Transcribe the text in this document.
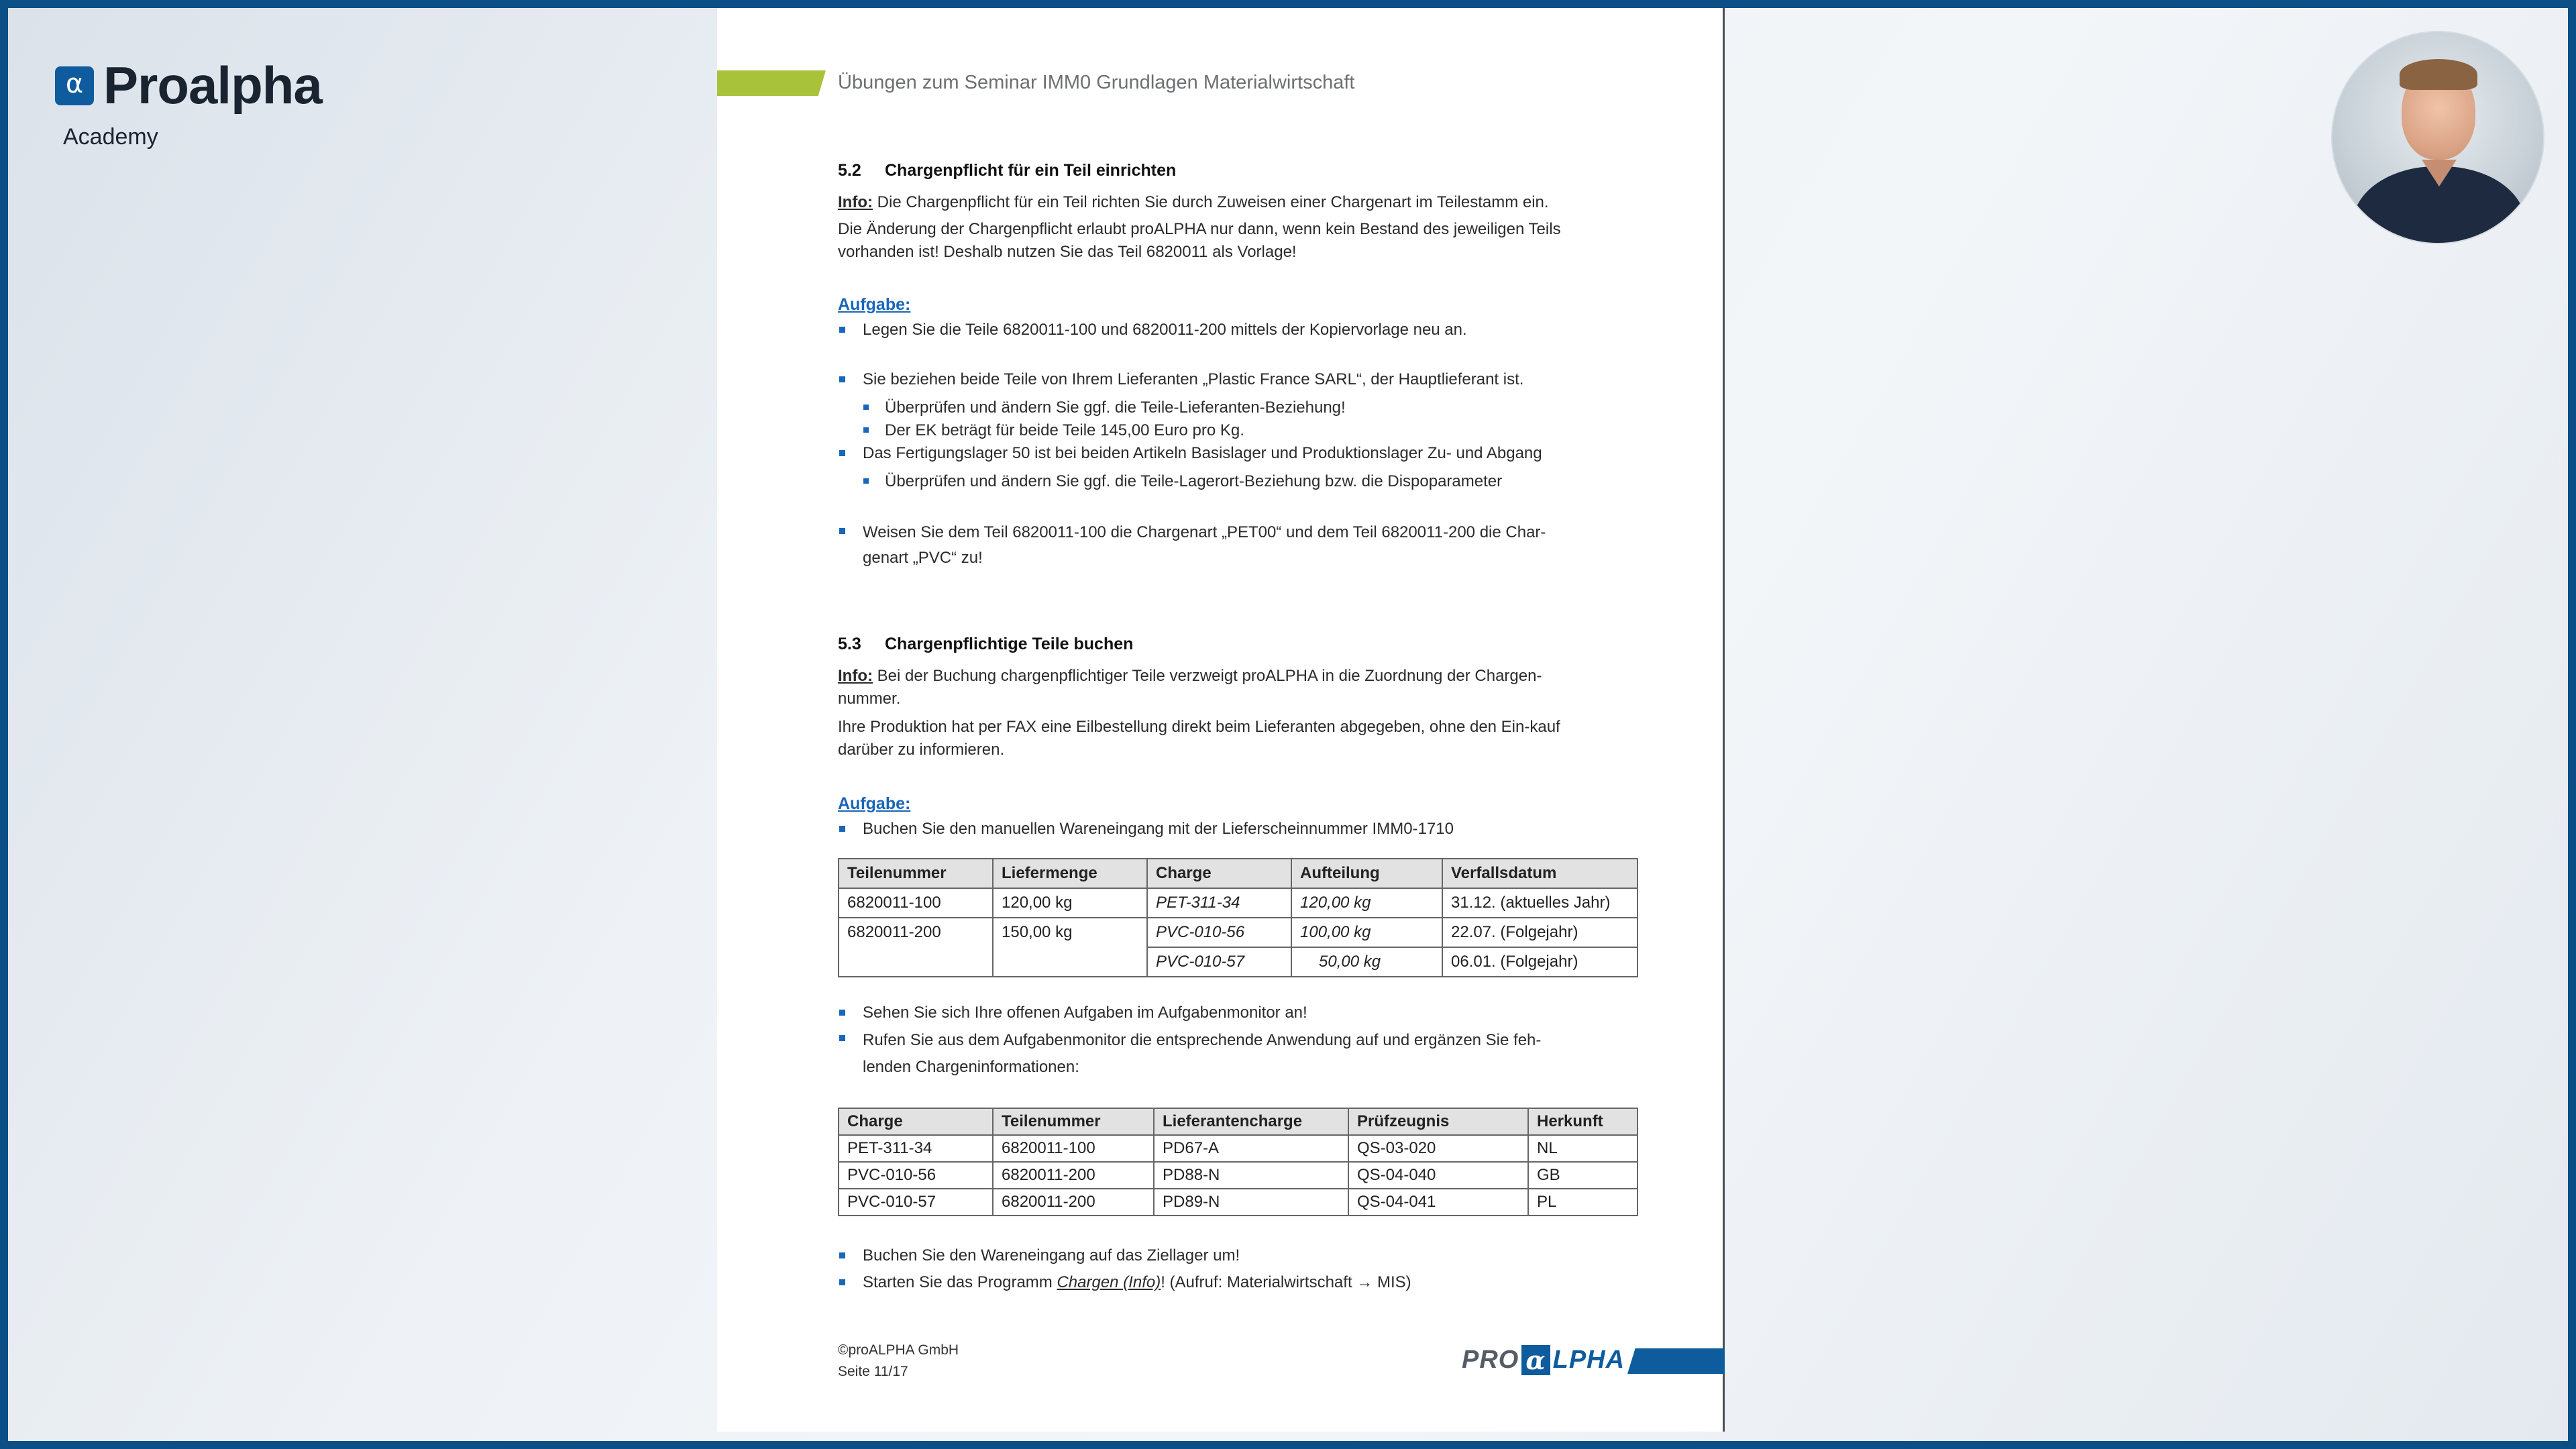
α Proalpha
Academy
Übungen zum Seminar IMM0 Grundlagen Materialwirtschaft
5.2	Chargenpflicht für ein Teil einrichten
Info: Die Chargenpflicht für ein Teil richten Sie durch Zuweisen einer Chargenart im Teilestamm ein.
Die Änderung der Chargenpflicht erlaubt proALPHA nur dann, wenn kein Bestand des jeweiligen Teils vorhanden ist! Deshalb nutzen Sie das Teil 6820011 als Vorlage!
Aufgabe:
Legen Sie die Teile 6820011-100 und 6820011-200 mittels der Kopiervorlage neu an.
Sie beziehen beide Teile von Ihrem Lieferanten „Plastic France SARL“, der Hauptlieferant ist.
Überprüfen und ändern Sie ggf. die Teile-Lieferanten-Beziehung!
Der EK beträgt für beide Teile 145,00 Euro pro Kg.
Das Fertigungslager 50 ist bei beiden Artikeln Basislager und Produktionslager Zu- und Abgang
Überprüfen und ändern Sie ggf. die Teile-Lagerort-Beziehung bzw. die Dispoparameter
Weisen Sie dem Teil 6820011-100 die Chargenart „PET00“ und dem Teil 6820011-200 die Char-genart „PVC“ zu!
5.3	Chargenpflichtige Teile buchen
Info: Bei der Buchung chargenpflichtiger Teile verzweigt proALPHA in die Zuordnung der Chargen-nummer.
Ihre Produktion hat per FAX eine Eilbestellung direkt beim Lieferanten abgegeben, ohne den Ein-kauf darüber zu informieren.
Aufgabe:
Buchen Sie den manuellen Wareneingang mit der Lieferscheinnummer IMM0-1710
Teilenummer	Liefermenge	Charge	Aufteilung	Verfallsdatum
6820011-100	120,00 kg	PET-311-34	120,00 kg	31.12. (aktuelles Jahr)
6820011-200	150,00 kg	PVC-010-56	100,00 kg	22.07. (Folgejahr)
		PVC-010-57	50,00 kg	06.01. (Folgejahr)
Sehen Sie sich Ihre offenen Aufgaben im Aufgabenmonitor an!
Rufen Sie aus dem Aufgabenmonitor die entsprechende Anwendung auf und ergänzen Sie feh-lenden Chargeninformationen:
Charge	Teilenummer	Lieferantencharge	Prüfzeugnis	Herkunft
PET-311-34	6820011-100	PD67-A	QS-03-020	NL
PVC-010-56	6820011-200	PD88-N	QS-04-040	GB
PVC-010-57	6820011-200	PD89-N	QS-04-041	PL
Buchen Sie den Wareneingang auf das Ziellager um!
Starten Sie das Programm Chargen (Info)! (Aufruf: Materialwirtschaft → MIS)
©proALPHA GmbH
Seite 11/17	PRO α LPHA
